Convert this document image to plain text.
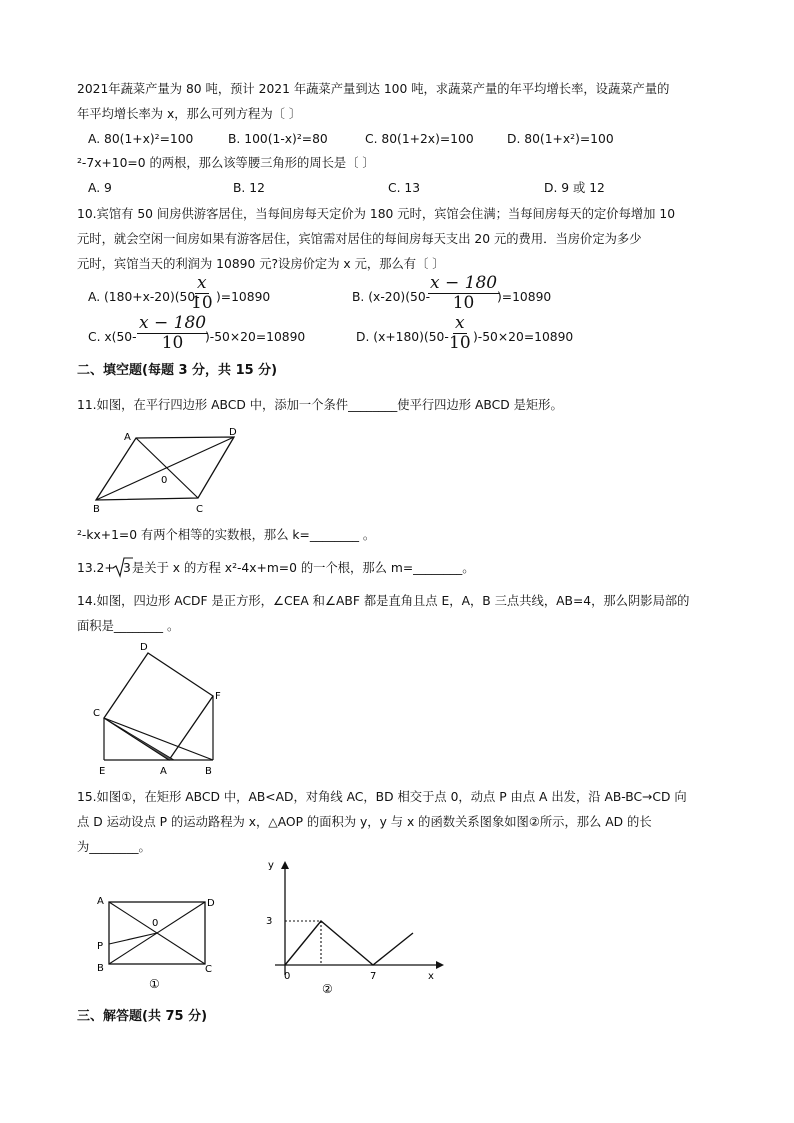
2021年蔬菜产量为 80 吨，预计 2021 年蔬菜产量到达 100 吨，求蔬菜产量的年平均增长率，设蔬菜产量的
年平均增长率为 x，那么可列方程为〔 〕
A. 80(1+x)²=100	B. 100(1-x)²=80	C. 80(1+2x)=100	D. 80(1+x²)=100
²-7x+10=0 的两根，那么该等腰三角形的周长是〔 〕
A. 9	B. 12	C. 13	D. 9 或 12
10.宾馆有 50 间房供游客居住，当每间房每天定价为 180 元时，宾馆会住满；当每间房每天的定价每增加 10
元时，就会空闲一间房如果有游客居住，宾馆需对居住的每间房每天支出 20 元的费用．当房价定为多少
元时，宾馆当天的利润为 10890 元?设房价定为 x 元，那么有〔 〕
A. (180+x-20)(50-
$\frac{x}{10} )=10890$	B. (x-20)(50-
$\frac{x - 180}{10}$
)=10890
C. $x(50- \frac{x - 180}{10}$
)-50×20=10890	D. $(x+180)(50- \frac{x}{10} )-50\times 20=10890$
二、填空题(每题 3 分，共 15 分)
11.如图，在平行四边形 ABCD 中，添加一个条件________使平行四边形 ABCD 是矩形。
A	D
0
B	C
²-kx+1=0 有两个相等的实数根，那么 k=________ 。
13.2+ 3 是关于 x 的方程 x²-4x+m=0 的一个根，那么 m=________。
14.如图，四边形 ACDF 是正方形，∠CEA 和∠ABF 都是直角且点 E，A，B 三点共线，AB=4，那么阴影局部的
面积是________ 。
D
F
C
E	A	B
15.如图①，在矩形 ABCD 中，AB<AD，对角线 AC，BD 相交于点 0，动点 P 由点 A 出发，沿 AB-BC→CD 向
点 D 运动设点 P 的运动路程为 x，△AOP 的面积为 y，y 与 x 的函数关系图象如图②所示，那么 AD 的长
为________。
A	D
0
P
B	C
①
y
x
3
0	7
②
三、解答题(共 75 分)
